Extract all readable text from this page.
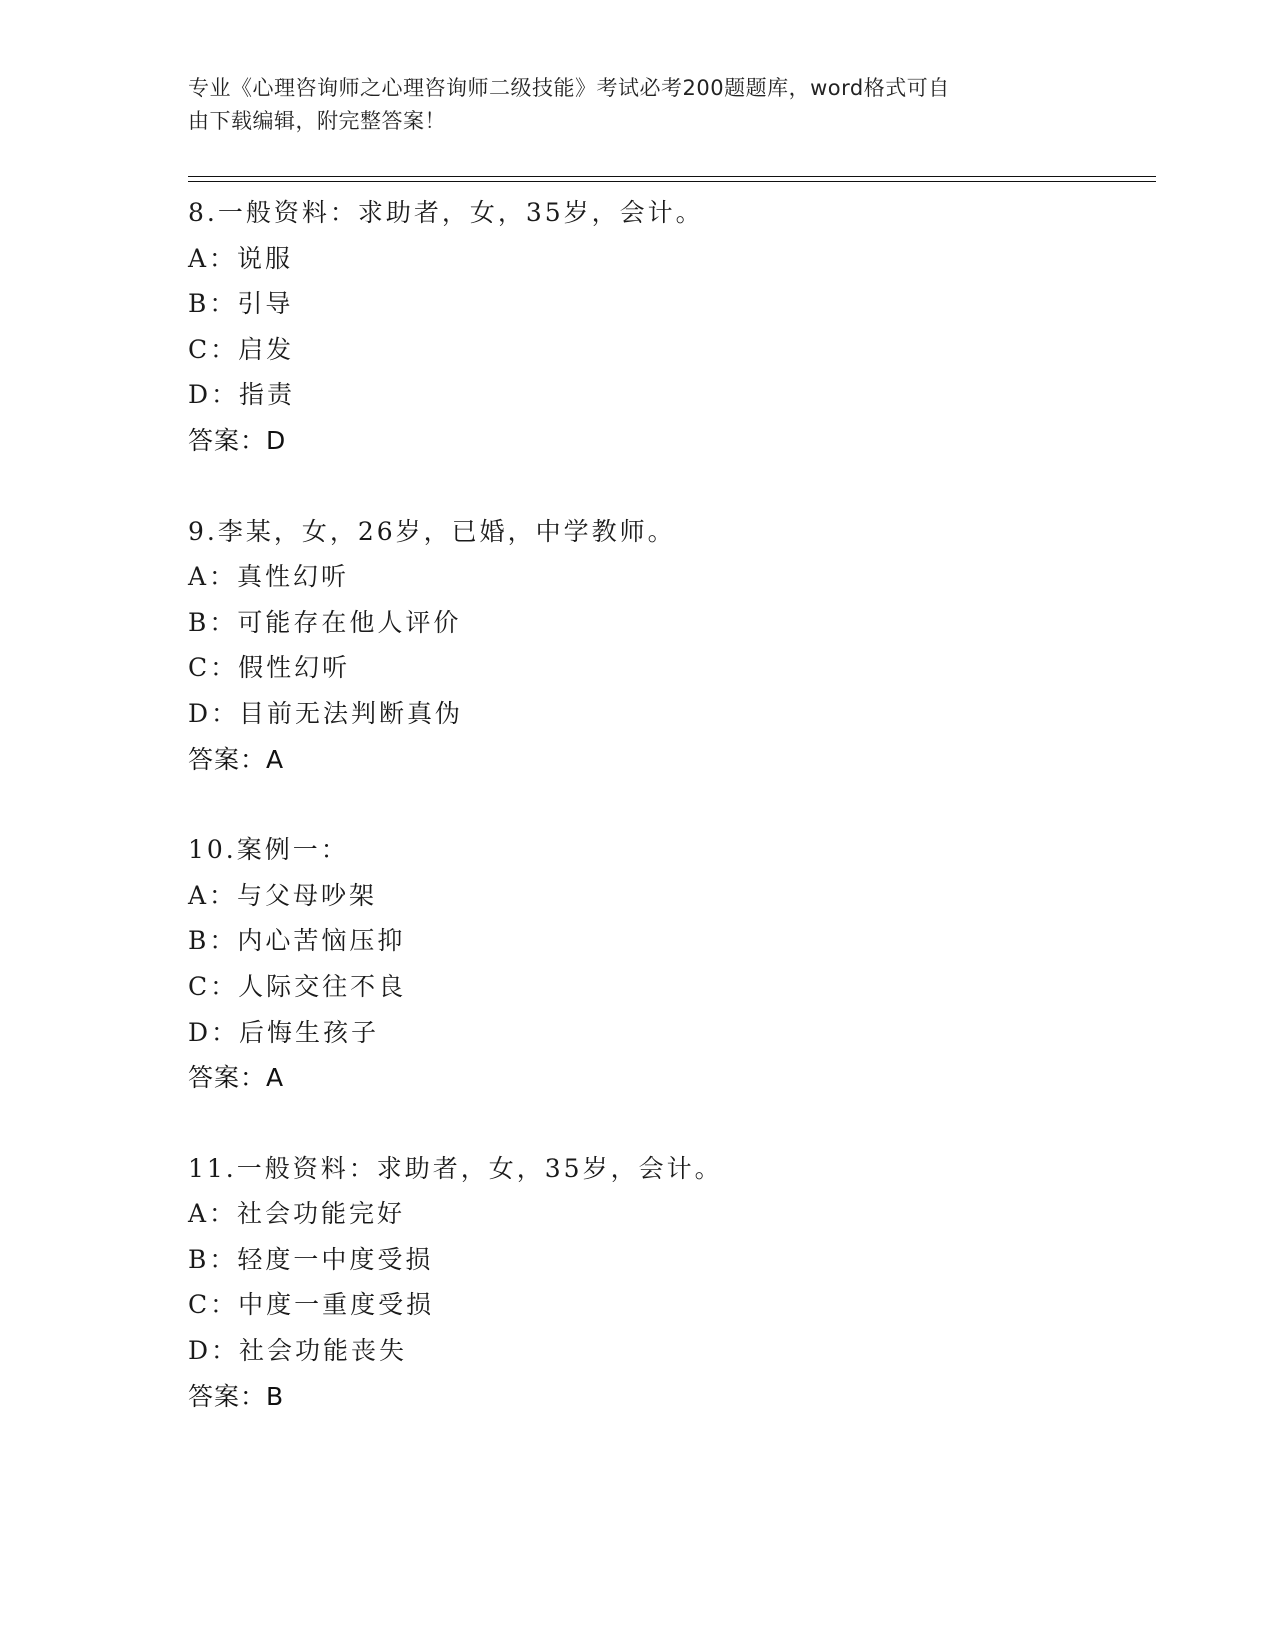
专业《心理咨询师之心理咨询师二级技能》考试必考200题题库，word格式可自
由下载编辑，附完整答案！
8.一般资料：求助者，女，35岁，会计。
A：说服
B：引导
C：启发
D：指责
答案：D
9.李某，女，26岁，已婚，中学教师。
A：真性幻听
B：可能存在他人评价
C：假性幻听
D：目前无法判断真伪
答案：A
10.案例一：
A：与父母吵架
B：内心苦恼压抑
C：人际交往不良
D：后悔生孩子
答案：A
11.一般资料：求助者，女，35岁，会计。
A：社会功能完好
B：轻度一中度受损
C：中度一重度受损
D：社会功能丧失
答案：B
